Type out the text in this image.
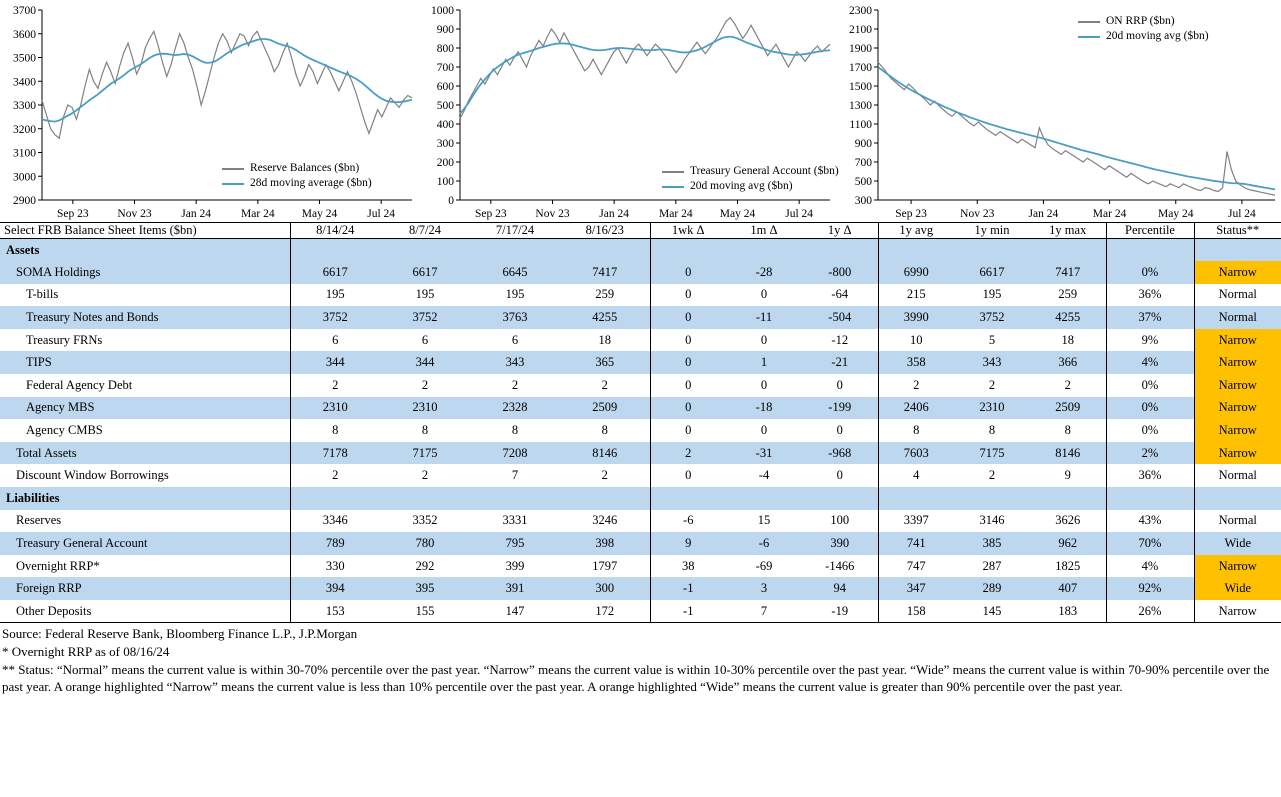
2900
3000
3100
3200
3300
3400
3500
3600
3700
Sep 23	Nov 23	Jan 24	Mar 24 May 24	Jul 24
Reserve Balances ($bn)
28d moving average ($bn)
0
100
200
300
400
500
600
700
800
900
1000
Sep 23	Nov 23	Jan 24	Mar 24 May 24	Jul 24
Treasury General Account ($bn)
20d moving avg ($bn)
300
500
700
900
1100
1300
1500
1700
1900
2100
2300
Sep 23	Nov 23	Jan 24	Mar 24	May 24	Jul 24
ON RRP ($bn)
20d moving avg ($bn)
Select FRB Balance Sheet Items ($bn)	8/14/24	8/7/24	7/17/24	8/16/23	1wk Δ	1m Δ	1y Δ	1y avg	1y min	1y max	Percentile	Status**
Assets												
SOMA Holdings	6617	6617	6645	7417	0	-28	-800	6990	6617	7417	0%	Narrow
T-bills	195	195	195	259	0	0	-64	215	195	259	36%	Normal
Treasury Notes and Bonds	3752	3752	3763	4255	0	-11	-504	3990	3752	4255	37%	Normal
Treasury FRNs	6	6	6	18	0	0	-12	10	5	18	9%	Narrow
TIPS	344	344	343	365	0	1	-21	358	343	366	4%	Narrow
Federal Agency Debt	2	2	2	2	0	0	0	2	2	2	0%	Narrow
Agency MBS	2310	2310	2328	2509	0	-18	-199	2406	2310	2509	0%	Narrow
Agency CMBS	8	8	8	8	0	0	0	8	8	8	0%	Narrow
Total Assets	7178	7175	7208	8146	2	-31	-968	7603	7175	8146	2%	Narrow
Discount Window Borrowings	2	2	7	2	0	-4	0	4	2	9	36%	Normal
Liabilities												
Reserves	3346	3352	3331	3246	-6	15	100	3397	3146	3626	43%	Normal
Treasury General Account	789	780	795	398	9	-6	390	741	385	962	70%	Wide
Overnight RRP*	330	292	399	1797	38	-69	-1466	747	287	1825	4%	Narrow
Foreign RRP	394	395	391	300	-1	3	94	347	289	407	92%	Wide
Other Deposits	153	155	147	172	-1	7	-19	158	145	183	26%	Narrow
Source: Federal Reserve Bank, Bloomberg Finance L.P., J.P.Morgan
* Overnight RRP as of 08/16/24
** Status: “Normal” means the current value is within 30-70% percentile over the past year. “Narrow” means the current value is within 10-30% percentile over the past year. “Wide” means the current value is within 70-90% percentile over the past year. A orange highlighted “Narrow” means the current value is less than 10% percentile over the past year. A orange highlighted “Wide” means the current value is greater than 90% percentile over the past year.
